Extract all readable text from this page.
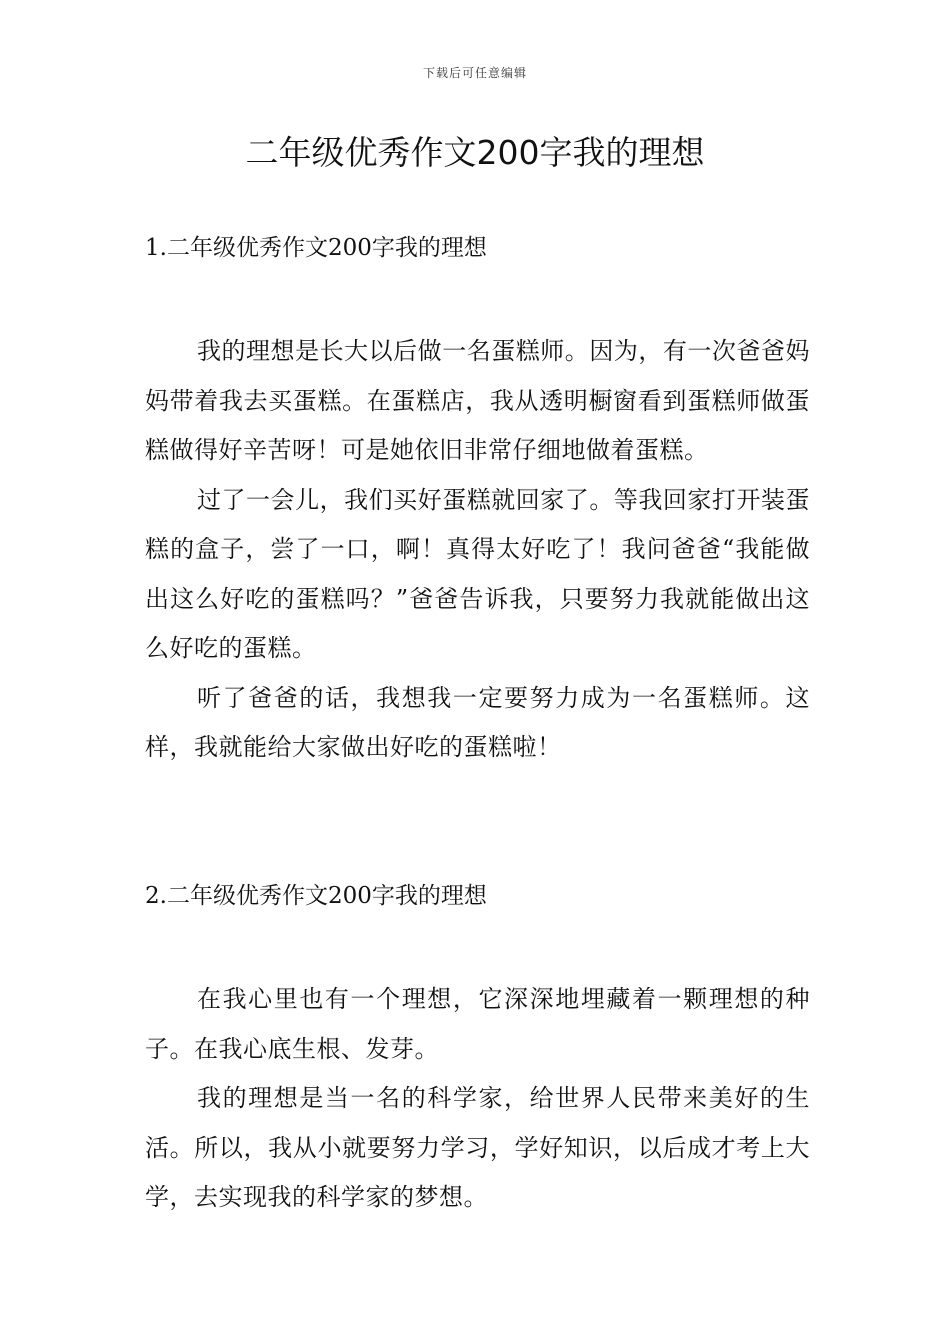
下载后可任意编辑
二年级优秀作文200字我的理想
1.二年级优秀作文200字我的理想

我的理想是长大以后做一名蛋糕师。因为，有一次爸爸妈妈带着我去买蛋糕。在蛋糕店，我从透明橱窗看到蛋糕师做蛋糕做得好辛苦呀！可是她依旧非常仔细地做着蛋糕。

过了一会儿，我们买好蛋糕就回家了。等我回家打开装蛋糕的盒子，尝了一口，啊！真得太好吃了！我问爸爸“我能做出这么好吃的蛋糕吗？”爸爸告诉我，只要努力我就能做出这么好吃的蛋糕。

听了爸爸的话，我想我一定要努力成为一名蛋糕师。这样，我就能给大家做出好吃的蛋糕啦！

2.二年级优秀作文200字我的理想

在我心里也有一个理想，它深深地埋藏着一颗理想的种子。在我心底生根、发芽。

我的理想是当一名的科学家，给世界人民带来美好的生活。所以，我从小就要努力学习，学好知识，以后成才考上大学，去实现我的科学家的梦想。
